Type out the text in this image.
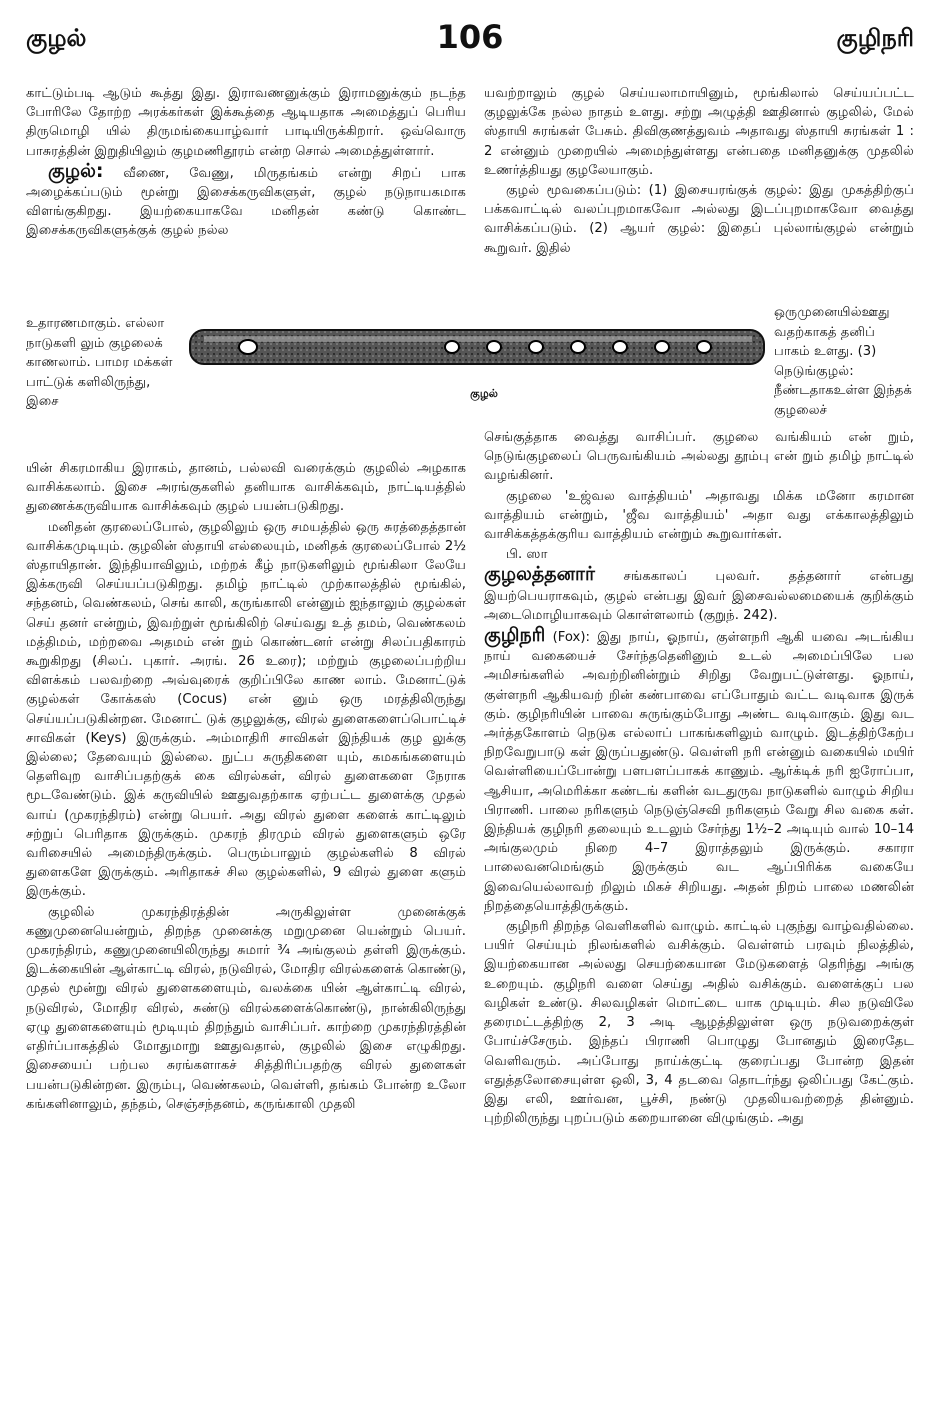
குழல்	106	குழிநரி

காட்டும்படி ஆடும் கூத்து இது. இராவணனுக்கும் இராமனுக்கும் நடந்த போரிலே தோற்ற அரக்கர்கள் இக்கூத்தை ஆடியதாக அமைத்துப் பெரிய திருமொழி யில் திருமங்கையாழ்வார் பாடியிருக்கிறார். ஒவ்வொரு பாசுரத்தின் இறுதியிலும் குழமணிதூரம் என்ற சொல் அமைத்துள்ளார்.

குழல்: வீணை, வேணு, மிருதங்கம் என்று சிறப் பாக அழைக்கப்படும் மூன்று இசைக்கருவிகளுள், குழல் நடுநாயகமாக விளங்குகிறது. இயற்கையாகவே மனிதன் கண்டு கொண்ட இசைக்கருவிகளுக்குக் குழல் நல்ல

உதாரணமாகும். எல்லா நாடுகளி லும் குழலைக் காணலாம். பாமர மக்கள் பாட்டுக் களிலிருந்து, இசை
குழல்
ஒருமுனையில்ஊது வதற்காகத் தனிப் பாகம் உளது. (3) நெடுங்குழல்: நீண்டதாகஉள்ள இந்தக் குழலைச்

யின் சிகரமாகிய இராகம், தானம், பல்லவி வரைக்கும் குழலில் அழகாக வாசிக்கலாம். இசை அரங்குகளில் தனியாக வாசிக்கவும், நாட்டியத்தில் துணைக்கருவியாக வாசிக்கவும் குழல் பயன்படுகிறது.

மனிதன் குரலைப்போல், குழலிலும் ஒரு சமயத்தில் ஒரு சுரத்தைத்தான் வாசிக்கமுடியும். குழலின் ஸ்தாயி எல்லையும், மனிதக் குரலைப்போல் 2½ ஸ்தாயிதான். இந்தியாவிலும், மற்றக் கீழ் நாடுகளிலும் மூங்கிலா லேயே இக்கருவி செய்யப்படுகிறது. தமிழ் நாட்டில் முற்காலத்தில் மூங்கில், சந்தனம், வெண்கலம், செங் காலி, கருங்காலி என்னும் ஐந்தாலும் குழல்கள் செய் தனர் என்றும், இவற்றுள் மூங்கிலிற் செய்வது உத் தமம், வெண்கலம் மத்திமம், மற்றவை அதமம் என் றும் கொண்டனர் என்று சிலப்பதிகாரம் கூறுகிறது (சிலப். புகார். அரங். 26 உரை); மற்றும் குழலைப்பற்றிய விளக்கம் பலவற்றை அவ்வுரைக் குறிப்பிலே காண லாம். மேனாட்டுக் குழல்கள் கோக்கஸ் (Cocus) என் னும் ஒரு மரத்திலிருந்து செய்யப்படுகின்றன. மேனாட் டுக் குழலுக்கு, விரல் துளைகளைப்பொட்டிச் சாவிகள் (Keys) இருக்கும். அம்மாதிரி சாவிகள் இந்தியக் குழ லுக்கு இல்லை; தேவையும் இல்லை. நுட்ப சுருதிகளை யும், கமகங்களையும் தெளிவுற வாசிப்பதற்குக் கை விரல்கள், விரல் துளைகளை நேராக மூடவேண்டும். இக் கருவியில் ஊதுவதற்காக ஏற்பட்ட துளைக்கு முதல் வாய் (முகரந்திரம்) என்று பெயர். அது விரல் துளை களைக் காட்டிலும் சற்றுப் பெரிதாக இருக்கும். முகரந் திரமும் விரல் துளைகளும் ஒரே வரிசையில் அமைந்திருக்கும். பெரும்பாலும் குழல்களில் 8 விரல் துளைகளே இருக்கும். அரிதாகச் சில குழல்களில், 9 விரல் துளை களும் இருக்கும்.

குழலில் முகரந்திரத்தின் அருகிலுள்ள முனைக்குக் கணுமுனையென்றும், திறந்த முனைக்கு மறுமுனை யென்றும் பெயர். முகரந்திரம், கணுமுனையிலிருந்து சுமார் ¾ அங்குலம் தள்ளி இருக்கும். இடக்கையின் ஆள்காட்டி விரல், நடுவிரல், மோதிர விரல்களைக் கொண்டு, முதல் மூன்று விரல் துளைகளையும், வலக்கை யின் ஆள்காட்டி விரல், நடுவிரல், மோதிர விரல், சுண்டு விரல்களைக்கொண்டு, நான்கிலிருந்து ஏழு துளைகளையும் மூடியும் திறந்தும் வாசிப்பர். காற்றை முகரந்திரத்தின் எதிர்ப்பாகத்தில் மோதுமாறு ஊதுவதால், குழலில் இசை எழுகிறது. இசையைப் பற்பல சுரங்களாகச் சித்திரிப்பதற்கு விரல் துளைகள் பயன்படுகின்றன. இரும்பு, வெண்கலம், வெள்ளி, தங்கம் போன்ற உலோ கங்களினாலும், தந்தம், செஞ்சந்தனம், கருங்காலி முதலி

யவற்றாலும் குழல் செய்யலாமாயினும், மூங்கிலால் செய்யப்பட்ட குழலுக்கே நல்ல நாதம் உளது. சற்று அழுத்தி ஊதினால் குழலில், மேல் ஸ்தாயி சுரங்கள் பேசும். திவிகுணத்துவம் அதாவது ஸ்தாயி சுரங்கள் 1 : 2 என்னும் முறையில் அமைந்துள்ளது என்பதை மனிதனுக்கு முதலில் உணர்த்தியது குழலேயாகும்.

குழல் மூவகைப்படும்: (1) இசையரங்குக் குழல்: இது முகத்திற்குப் பக்கவாட்டில் வலப்புறமாகவோ அல்லது இடப்புறமாகவோ வைத்து வாசிக்கப்படும். (2) ஆயர் குழல்: இதைப் புல்லாங்குழல் என்றும் கூறுவர். இதில்

செங்குத்தாக வைத்து வாசிப்பர். குழலை வங்கியம் என் றும், நெடுங்குழலைப் பெருவங்கியம் அல்லது தூம்பு என் றும் தமிழ் நாட்டில் வழங்கினர்.

குழலை 'உஜ்வல வாத்தியம்' அதாவது மிக்க மனோ கரமான வாத்தியம் என்றும், 'ஜீவ வாத்தியம்' அதா வது எக்காலத்திலும் வாசிக்கத்தக்குரிய வாத்தியம் என்றும் கூறுவார்கள்.

பி. ஸா

குழலத்தனார் சங்ககாலப் புலவர். தத்தனார் என்பது இயற்பெயராகவும், குழல் என்பது இவர் இசைவல்லமையைக் குறிக்கும் அடைமொழியாகவும் கொள்ளலாம் (குறுந். 242).

குழிநரி (Fox): இது நாய், ஓநாய், குள்ளநரி ஆகி யவை அடங்கிய நாய் வகையைச் சேர்ந்ததெனினும் உடல் அமைப்பிலே பல அமிசங்களில் அவற்றினின்றும் சிறிது வேறுபட்டுள்ளது. ஓநாய், குள்ளநரி ஆகியவற் றின் கண்பாவை எப்போதும் வட்ட வடிவாக இருக் கும். குழிநரியின் பாவை சுருங்கும்போது அண்ட வடிவாகும். இது வட அர்த்தகோளம் நெடுக எல்லாப் பாகங்களிலும் வாழும். இடத்திற்கேற்ப நிறவேறுபாடு கள் இருப்பதுண்டு. வெள்ளி நரி என்னும் வகையில் மயிர் வெள்ளியைப்போன்று பளபளப்பாகக் காணும். ஆர்க்டிக் நரி ஐரோப்பா, ஆசியா, அமெரிக்கா கண்டங் களின் வடதுருவ நாடுகளில் வாழும் சிறிய பிராணி. பாலை நரிகளும் நெடுஞ்செவி நரிகளும் வேறு சில வகை கள். இந்தியக் குழிநரி தலையும் உடலும் சேர்ந்து 1½–2 அடியும் வால் 10–14 அங்குலமும் நிறை 4–7 இராத்தலும் இருக்கும். சகாரா பாலைவனமெங்கும் இருக்கும் வட ஆப்பிரிக்க வகையே இவையெல்லாவற் றிலும் மிகச் சிறியது. அதன் நிறம் பாலை மணலின் நிறத்தையொத்திருக்கும்.

குழிநரி திறந்த வெளிகளில் வாழும். காட்டில் புகுந்து வாழ்வதில்லை. பயிர் செய்யும் நிலங்களில் வசிக்கும். வெள்ளம் பரவும் நிலத்தில், இயற்கையான அல்லது செயற்கையான மேடுகளைத் தெரிந்து அங்கு உறையும். குழிநரி வளை செய்து அதில் வசிக்கும். வளைக்குப் பல வழிகள் உண்டு. சிலவழிகள் மொட்டை யாக முடியும். சில நடுவிலே தரைமட்டத்திற்கு 2, 3 அடி ஆழத்திலுள்ள ஒரு நடுவறைக்குள் போய்ச்சேரும். இந்தப் பிராணி பொழுது போனதும் இரைதேட வெளிவரும். அப்போது நாய்க்குட்டி குரைப்பது போன்ற இதன் எதுத்தலோசையுள்ள ஒலி, 3, 4 தடவை தொடர்ந்து ஒலிப்பது கேட்கும். இது எலி, ஊர்வன, பூச்சி, நண்டு முதலியவற்றைத் தின்னும். புற்றிலிருந்து புறப்படும் கறையானை விழுங்கும். அது
